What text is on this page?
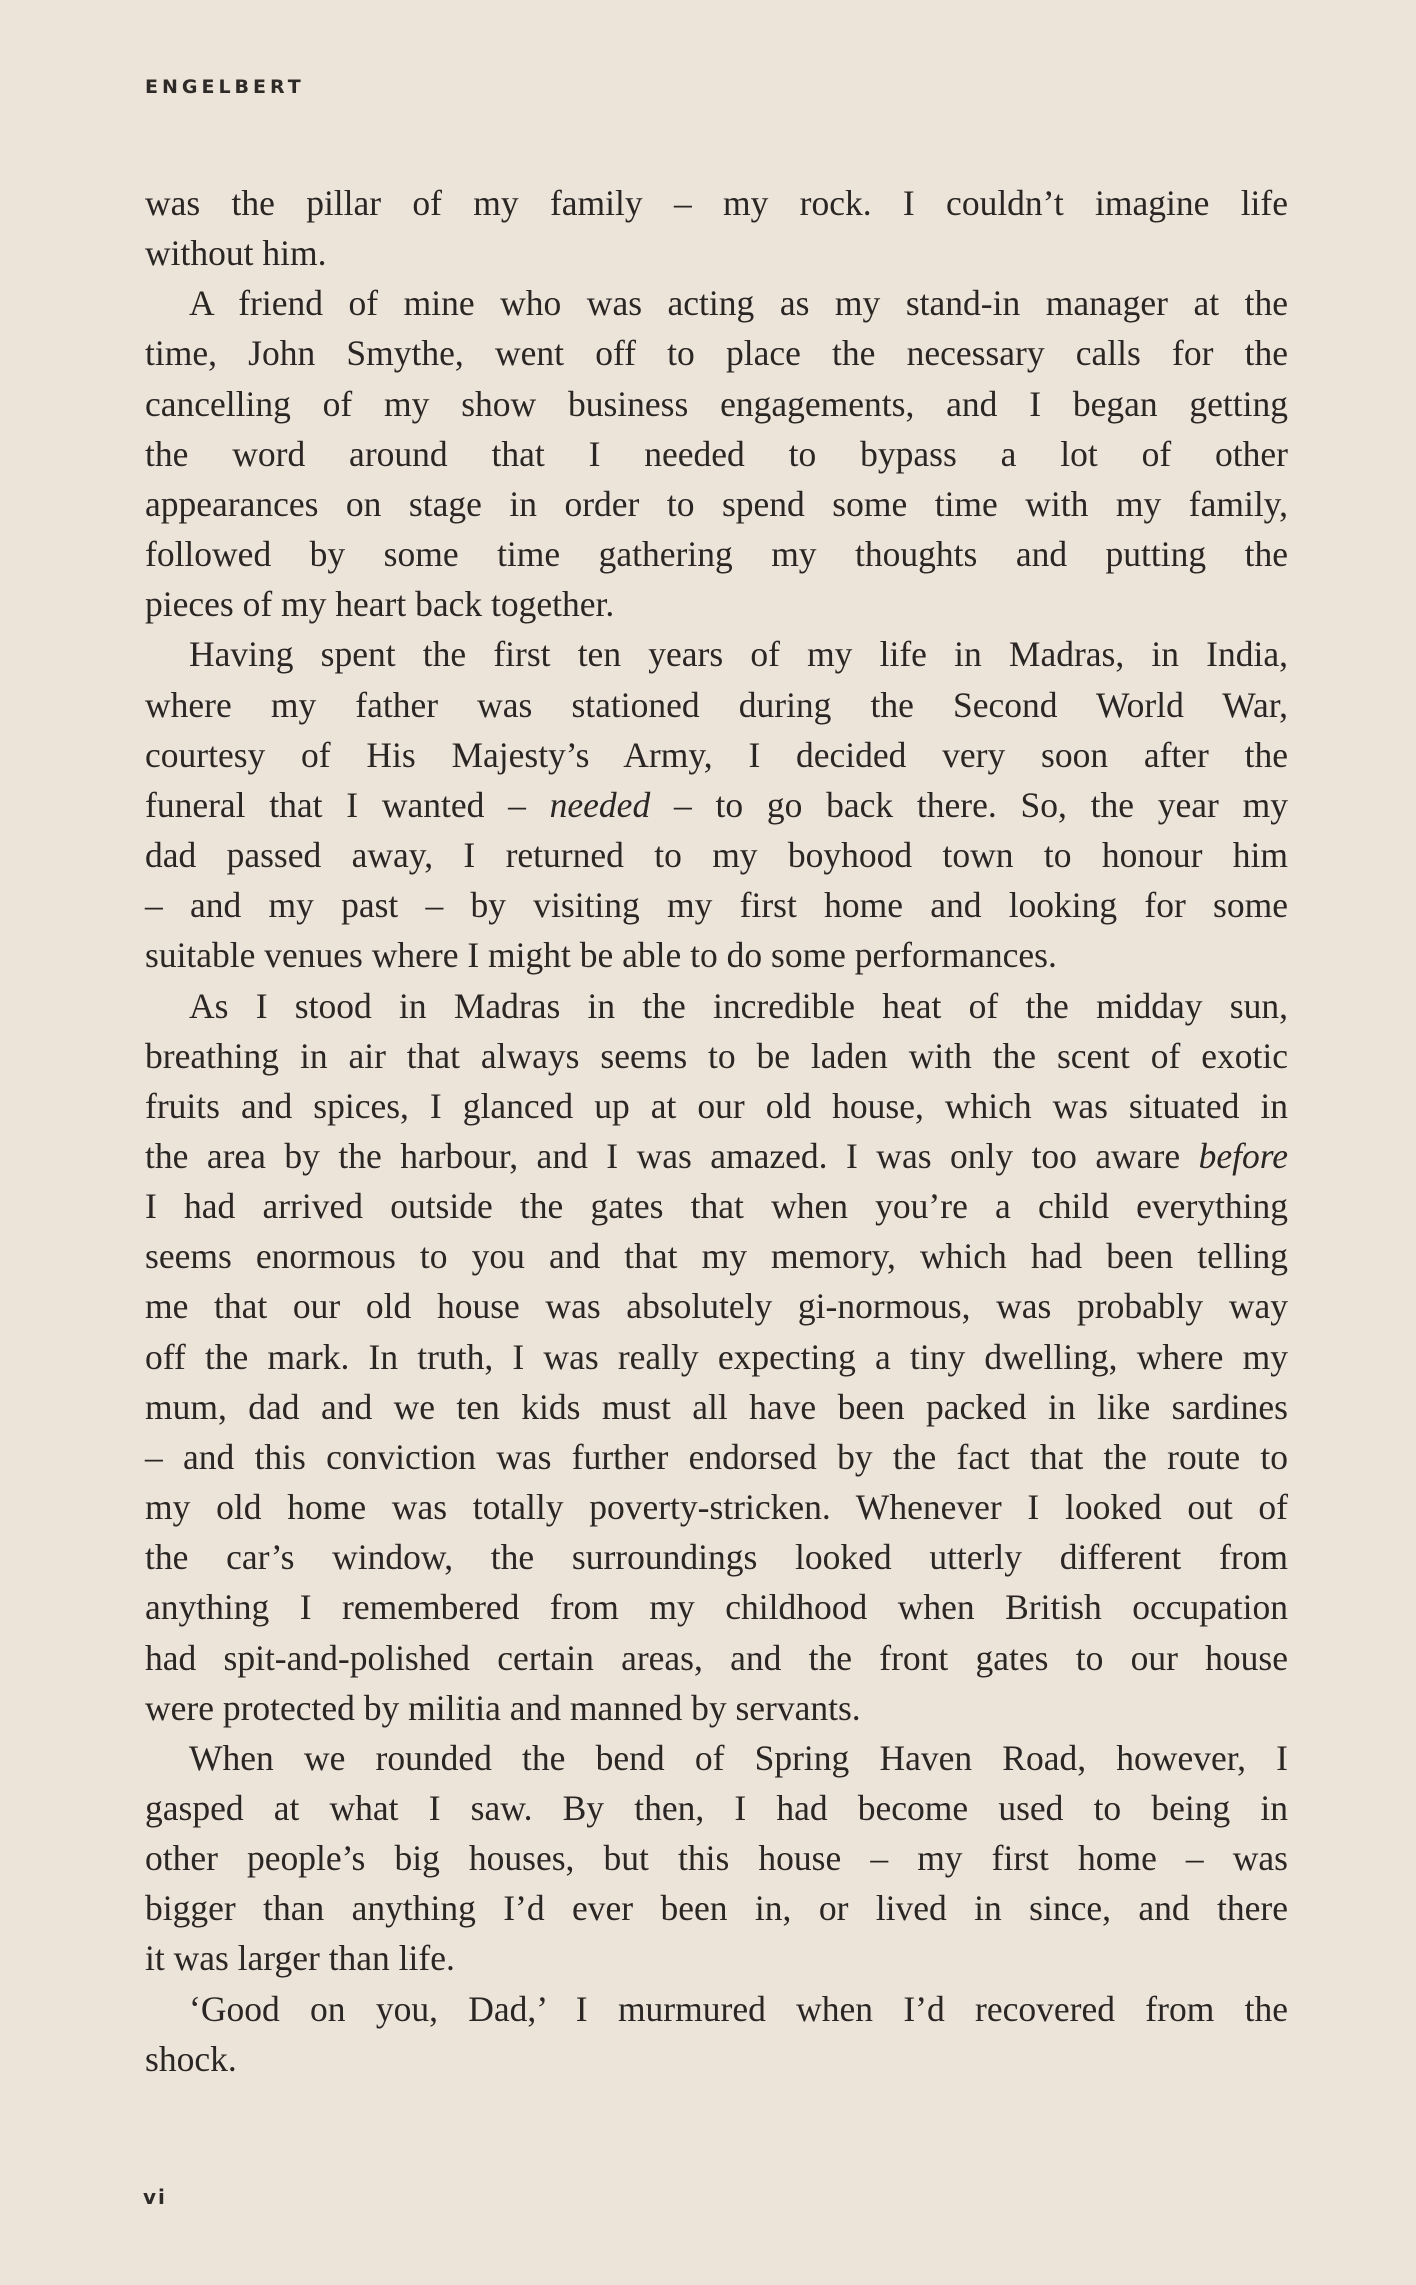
ENGELBERT
was the pillar of my family – my rock. I couldn’t imagine life
without him.
A friend of mine who was acting as my stand-in manager at the
time, John Smythe, went off to place the necessary calls for the
cancelling of my show business engagements, and I began getting
the word around that I needed to bypass a lot of other
appearances on stage in order to spend some time with my family,
followed by some time gathering my thoughts and putting the
pieces of my heart back together.
Having spent the first ten years of my life in Madras, in India,
where my father was stationed during the Second World War,
courtesy of His Majesty’s Army, I decided very soon after the
funeral that I wanted – needed – to go back there. So, the year my
dad passed away, I returned to my boyhood town to honour him
– and my past – by visiting my first home and looking for some
suitable venues where I might be able to do some performances.
As I stood in Madras in the incredible heat of the midday sun,
breathing in air that always seems to be laden with the scent of exotic
fruits and spices, I glanced up at our old house, which was situated in
the area by the harbour, and I was amazed. I was only too aware before
I had arrived outside the gates that when you’re a child everything
seems enormous to you and that my memory, which had been telling
me that our old house was absolutely gi-normous, was probably way
off the mark. In truth, I was really expecting a tiny dwelling, where my
mum, dad and we ten kids must all have been packed in like sardines
– and this conviction was further endorsed by the fact that the route to
my old home was totally poverty-stricken. Whenever I looked out of
the car’s window, the surroundings looked utterly different from
anything I remembered from my childhood when British occupation
had spit-and-polished certain areas, and the front gates to our house
were protected by militia and manned by servants.
When we rounded the bend of Spring Haven Road, however, I
gasped at what I saw. By then, I had become used to being in
other people’s big houses, but this house – my first home – was
bigger than anything I’d ever been in, or lived in since, and there
it was larger than life.
‘Good on you, Dad,’ I murmured when I’d recovered from the
shock.
vi
